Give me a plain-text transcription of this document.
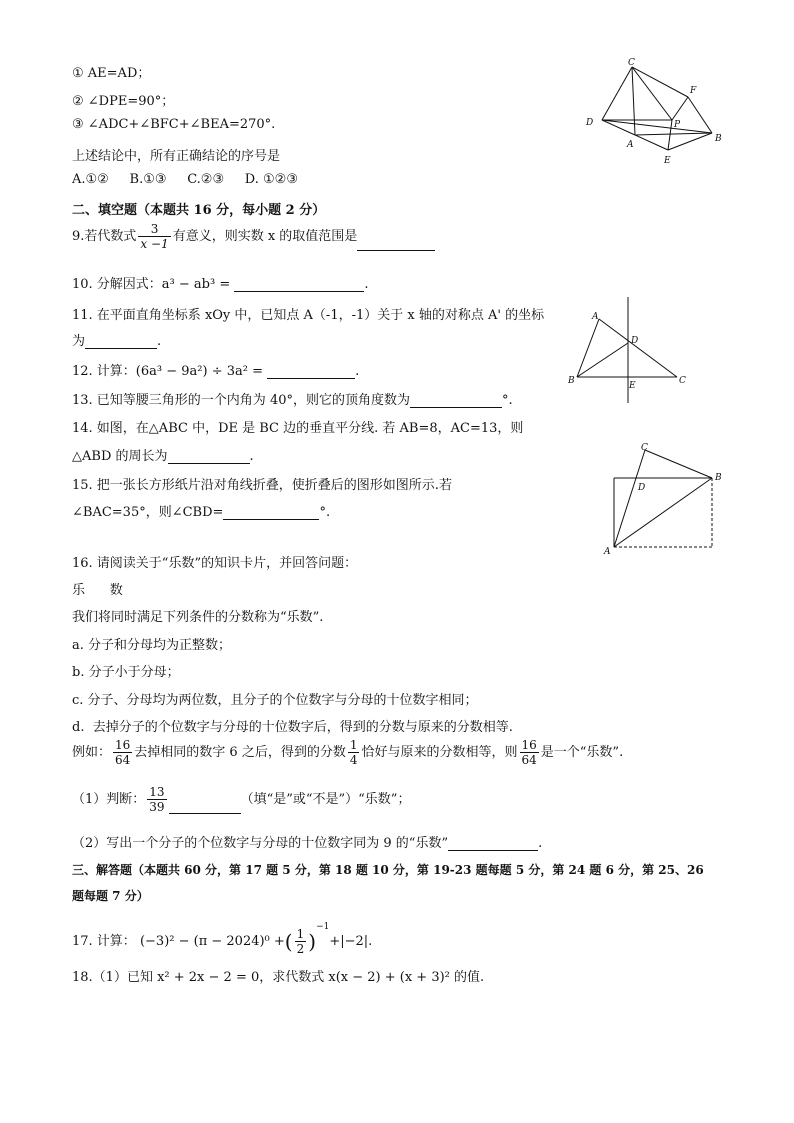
① AE=AD；
② ∠DPE=90°；
③ ∠ADC+∠BFC+∠BEA=270°.
上述结论中，所有正确结论的序号是
A.①② B.①③ C.②③ D. ①②③
C
F
D	P
B
A
E
二、填空题（本题共 16 分，每小题 2 分）
9.若代数式 $\frac{3}{x -1}$ 有意义，则实数 x 的取值范围是
10. 分解因式：a³ − ab³ =	.
11. 在平面直角坐标系 xOy 中，已知点 A（-1，-1）关于 x 轴的对称点 A' 的坐标
为	.
12. 计算：(6a³ − 9a²) ÷ 3a² =	.
13. 已知等腰三角形的一个内角为 40°，则它的顶角度数为	°.
14. 如图，在△ABC 中，DE 是 BC 边的垂直平分线. 若 AB=8，AC=13，则
△ABD 的周长为	.
A
D
B	E	C
15. 把一张长方形纸片沿对角线折叠，使折叠后的图形如图所示.若
∠BAC=35°，则∠CBD=	°.
C
D
B
A
16. 请阅读关于“乐数”的知识卡片，并回答问题：
乐      数
我们将同时满足下列条件的分数称为“乐数”.
a. 分子和分母均为正整数；
b. 分子小于分母；
c. 分子、分母均为两位数，且分子的个位数字与分母的十位数字相同；
d.  去掉分子的个位数字与分母的十位数字后，得到的分数与原来的分数相等.
例如： $\frac{16}{64}$ 去掉相同的数字 6 之后，得到的分数 $\frac{1}{4}$ 恰好与原来的分数相等，则 $\frac{16}{64}$ 是一个“乐数”.
（1）判断： $\frac{13}{39}$	（填“是”或“不是”）“乐数”；
（2）写出一个分子的个位数字与分母的十位数字同为 9 的“乐数”	.
三、解答题（本题共 60 分，第 17 题 5 分，第 18 题 10 分，第 19-23 题每题 5 分，第 24 题 6 分，第 25、26
题每题 7 分）
17. 计算： (−3)² − (π − 2024)⁰ +( $\frac{1}{2} )^{-1}+|-2|$.
18.（1）已知 x² + 2x − 2 = 0，求代数式 x(x − 2) + (x + 3)² 的值.
